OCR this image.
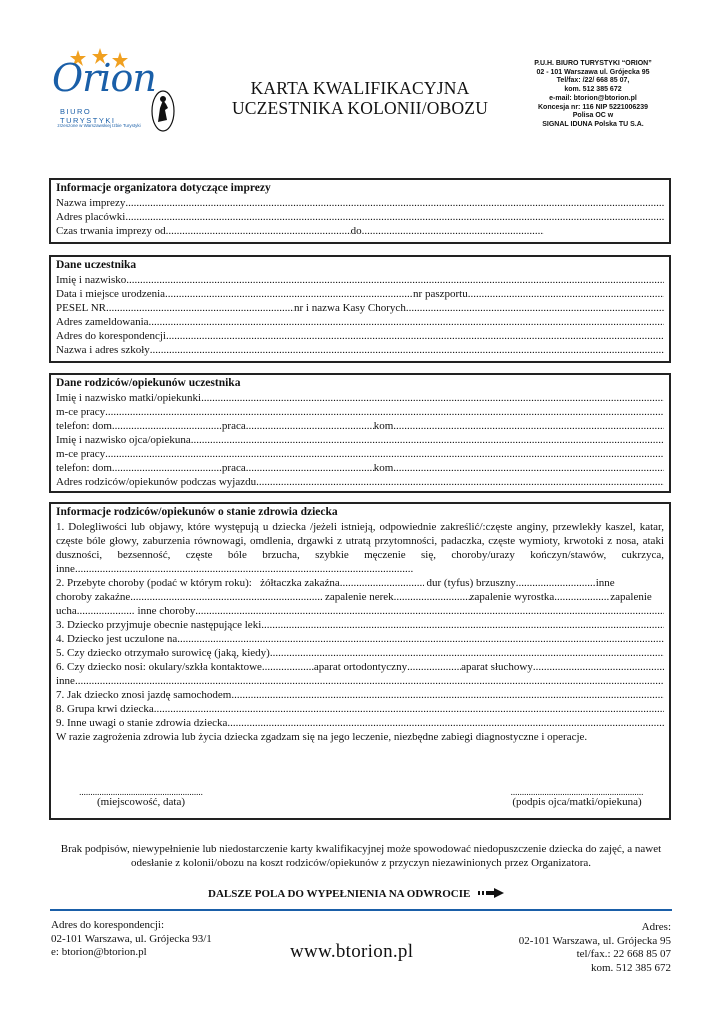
Orion
BIURO TURYSTYKI
zrzeszone w Warszawskiej Izbie Turystyki
KARTA KWALIFIKACYJNA
UCZESTNIKA KOLONII/OBOZU
P.U.H. BIURO TURYSTYKI “ORION”
02 - 101 Warszawa ul. Grójecka 95
Tel/fax: /22/ 668 85 07,
kom. 512 385 672
e-mail: btorion@btorion.pl
Koncesja nr: 116 NIP 5221006239
Polisa OC w
SIGNAL IDUNA Polska TU S.A.
Informacje organizatora dotyczące imprezy
Nazwa imprezy
.....
Adres placówki
.....
Czas trwania imprezy od .....	do
.....
Dane uczestnika
Imię i nazwisko
.....
Data i miejsce urodzenia .....	nr paszportu
.....
PESEL NR .....	nr i nazwa Kasy Chorych
.....
Adres zameldowania
.....
Adres do korespondencji
.....
Nazwa i adres szkoły
.....
Dane rodziców/opiekunów uczestnika
Imię i nazwisko matki/opiekunki
.....
m-ce pracy
.....
telefon: dom .....	praca .....	kom
.....
Imię i nazwisko ojca/opiekuna
.....
m-ce pracy
.....
telefon: dom .....	praca .....	kom
.....
Adres rodziców/opiekunów podczas wyjazdu
.....
Informacje rodziców/opiekunów o stanie zdrowia dziecka
1. Dolegliwości lub objawy, które występują u dziecka /jeżeli istnieją, odpowiednie zakreślić/:częste anginy, przewlekły kaszel, katar, częste bóle głowy, zaburzenia równowagi, omdlenia, drgawki z utratą przytomności, padaczka, częste wymioty, krwotoki z nosa, ataki duszności, bezsenność, częste bóle brzucha, szybkie męczenie się, choroby/urazy kończyn/stawów, cukrzyca, inne...........................................................................................................................
2. Przebyte choroby (podać w którym roku):
żółtaczka zakaźna .....
	dur (tyfus) brzuszny .....	inne
choroby zakaźne .....
	zapalenie nerek .....	zapalenie wyrostka .....	zapalenie
ucha .....
	inne choroby
.....
3. Dziecko przyjmuje obecnie następujące leki
.....
4. Dziecko jest uczulone na
.....
5. Czy dziecko otrzymało surowicę (jaką, kiedy)
.....
6. Czy dziecko nosi: okulary/szkła kontaktowe .....	aparat ortodontyczny .....	aparat słuchowy
.....
inne
.....
7. Jak dziecko znosi jazdę samochodem
.....
8. Grupa krwi dziecka
.....
9. Inne uwagi o stanie zdrowia dziecka
.....
W razie zagrożenia zdrowia lub życia dziecka zgadzam się na jego leczenie, niezbędne zabiegi diagnostyczne i operacje.
.......................................................
(miejscowość, data)
...........................................................
(podpis ojca/matki/opiekuna)
Brak podpisów, niewypełnienie lub niedostarczenie karty kwalifikacyjnej może spowodować niedopuszczenie dziecka do zajęć, a nawet odesłanie z kolonii/obozu na koszt rodziców/opiekunów z przyczyn niezawinionych przez Organizatora.
DALSZE POLA DO WYPEŁNIENIA NA ODWROCIE
Adres do korespondencji:
02-101 Warszawa, ul. Grójecka 93/1
e: btorion@btorion.pl	www.btorion.pl
Adres:
02-101 Warszawa, ul. Grójecka 95
tel/fax.: 22 668 85 07
kom. 512 385 672
